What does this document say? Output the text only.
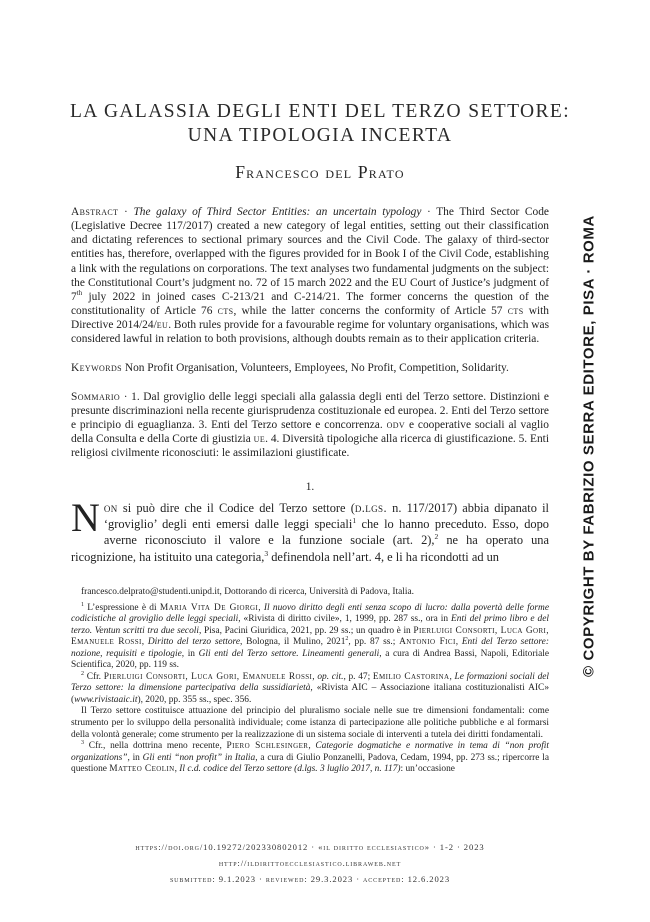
LA GALASSIA DEGLI ENTI DEL TERZO SETTORE:
UNA TIPOLOGIA INCERTA
Francesco del Prato
Abstract · The galaxy of Third Sector Entities: an uncertain typology · The Third Sector Code (Legislative Decree 117/2017) created a new category of legal entities, setting out their classification and dictating references to sectional primary sources and the Civil Code. The galaxy of third-sector entities has, therefore, overlapped with the figures provided for in Book I of the Civil Code, establishing a link with the regulations on corporations. The text analyses two fundamental judgments on the subject: the Constitutional Court’s judgment no. 72 of 15 march 2022 and the EU Court of Justice’s judgment of 7th july 2022 in joined cases C-213/21 and C-214/21. The former concerns the question of the constitutionality of Article 76 cts, while the latter concerns the conformity of Article 57 cts with Directive 2014/24/eu. Both rules provide for a favourable regime for voluntary organisations, which was considered lawful in relation to both provisions, although doubts remain as to their application criteria.
Keywords Non Profit Organisation, Volunteers, Employees, No Profit, Competition, Solidarity.
Sommario · 1. Dal groviglio delle leggi speciali alla galassia degli enti del Terzo settore. Distinzioni e presunte discriminazioni nella recente giurisprudenza costituzionale ed europea. 2. Enti del Terzo settore e principio di eguaglianza. 3. Enti del Terzo settore e concorrenza. odv e cooperative sociali al vaglio della Consulta e della Corte di giustizia ue. 4. Diversità tipologiche alla ricerca di giustificazione. 5. Enti religiosi civilmente riconosciuti: le assimilazioni giustificate.
1.
Non si può dire che il Codice del Terzo settore (d.lgs. n. 117/2017) abbia dipanato il ‘groviglio’ degli enti emersi dalle leggi speciali$^1$ che lo hanno preceduto. Esso, dopo averne riconosciuto il valore e la funzione sociale (art. 2),$^2$ ne ha operato una ricognizione, ha istituito una categoria,$^3$ definendola nell’art. 4, e li ha ricondotti ad un

francesco.delprato@studenti.unipd.it, Dottorando di ricerca, Università di Padova, Italia.

$^1$ L’espressione è di Maria Vita De Giorgi, Il nuovo diritto degli enti senza scopo di lucro: dalla povertà delle forme codicistiche al groviglio delle leggi speciali, «Rivista di diritto civile», 1, 1999, pp. 287 ss., ora in Enti del primo libro e del terzo. Ventun scritti tra due secoli, Pisa, Pacini Giuridica, 2021, pp. 29 ss.; un quadro è in Pierluigi Consorti, Luca Gori, Emanuele Rossi, Diritto del terzo settore, Bologna, il Mulino, 2021$^2$, pp. 87 ss.; Antonio Fici, Enti del Terzo settore: nozione, requisiti e tipologie, in Gli enti del Terzo settore. Lineamenti generali, a cura di Andrea Bassi, Napoli, Editoriale Scientifica, 2020, pp. 119 ss.

$^2$ Cfr. Pierluigi Consorti, Luca Gori, Emanuele Rossi, op. cit., p. 47; Emilio Castorina, Le formazioni sociali del Terzo settore: la dimensione partecipativa della sussidiarietà, «Rivista AIC – Associazione italiana costituzionalisti AIC» (www.rivistaaic.it), 2020, pp. 355 ss., spec. 356.

Il Terzo settore costituisce attuazione del principio del pluralismo sociale nelle sue tre dimensioni fondamentali: come strumento per lo sviluppo della personalità individuale; come istanza di partecipazione alle politiche pubbliche e al formarsi della volontà generale; come strumento per la realizzazione di un sistema sociale di interventi a tutela dei diritti fondamentali.

$^3$ Cfr., nella dottrina meno recente, Piero Schlesinger, Categorie dogmatiche e normative in tema di “non profit organizations”, in Gli enti “non profit” in Italia, a cura di Giulio Ponzanelli, Padova, Cedam, 1994, pp. 273 ss.; ripercorre la questione Matteo Ceolin, Il c.d. codice del Terzo settore (d.lgs. 3 luglio 2017, n. 117): un’occasione

https://doi.org/10.19272/202330802012 · «il diritto ecclesiastico» · 1-2 · 2023
http://ildirittoecclesiastico.libraweb.net
submitted: 9.1.2023 · reviewed: 29.3.2023 · accepted: 12.6.2023
© COPYRIGHT BY FABRIZIO SERRA EDITORE, PISA · ROMA
